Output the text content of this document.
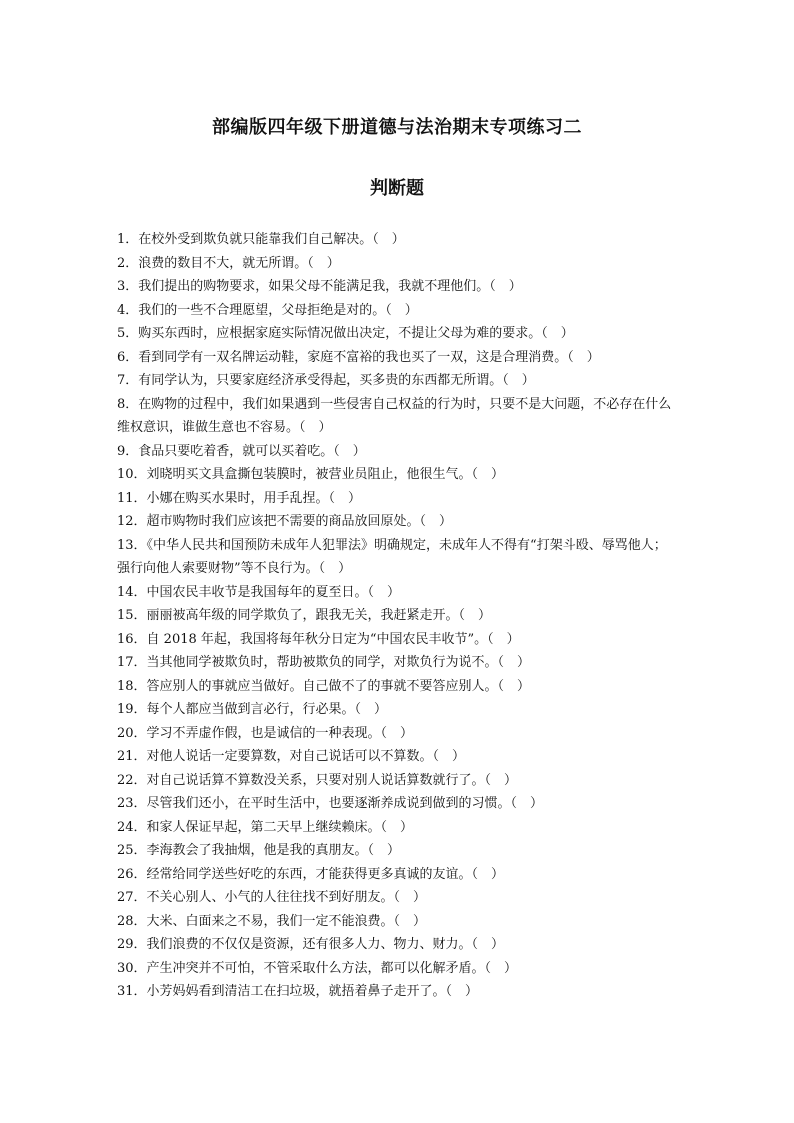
部编版四年级下册道德与法治期末专项练习二
判断题
1．在校外受到欺负就只能靠我们自己解决。（　）
2．浪费的数目不大，就无所谓。（　）
3．我们提出的购物要求，如果父母不能满足我，我就不理他们。（　）
4．我们的一些不合理愿望，父母拒绝是对的。（　）
5．购买东西时，应根据家庭实际情况做出决定，不提让父母为难的要求。（　）
6．看到同学有一双名牌运动鞋，家庭不富裕的我也买了一双，这是合理消费。（　）
7．有同学认为，只要家庭经济承受得起，买多贵的东西都无所谓。（　）
8．在购物的过程中，我们如果遇到一些侵害自己权益的行为时，只要不是大问题，不必存在什么维权意识，谁做生意也不容易。（　）
9．食品只要吃着香，就可以买着吃。（　）
10．刘晓明买文具盒撕包装膜时，被营业员阻止，他很生气。（　）
11．小娜在购买水果时，用手乱捏。（　）
12．超市购物时我们应该把不需要的商品放回原处。（　）
13．《中华人民共和国预防未成年人犯罪法》明确规定，未成年人不得有“打架斗殴、辱骂他人；强行向他人索要财物”等不良行为。（　）
14．中国农民丰收节是我国每年的夏至日。（　）
15．丽丽被高年级的同学欺负了，跟我无关，我赶紧走开。（　）
16．自 2018 年起，我国将每年秋分日定为“中国农民丰收节”。（　）
17．当其他同学被欺负时，帮助被欺负的同学，对欺负行为说不。（　）
18．答应别人的事就应当做好。自己做不了的事就不要答应别人。（　）
19．每个人都应当做到言必行，行必果。（　）
20．学习不弄虚作假，也是诚信的一种表现。（　）
21．对他人说话一定要算数，对自己说话可以不算数。（　）
22．对自己说话算不算数没关系，只要对别人说话算数就行了。（　）
23．尽管我们还小，在平时生活中，也要逐渐养成说到做到的习惯。（　）
24．和家人保证早起，第二天早上继续赖床。（　）
25．李海教会了我抽烟，他是我的真朋友。（　）
26．经常给同学送些好吃的东西，才能获得更多真诚的友谊。（　）
27．不关心别人、小气的人往往找不到好朋友。（　）
28．大米、白面来之不易，我们一定不能浪费。（　）
29．我们浪费的不仅仅是资源，还有很多人力、物力、财力。（　）
30．产生冲突并不可怕，不管采取什么方法，都可以化解矛盾。（　）
31．小芳妈妈看到清洁工在扫垃圾，就捂着鼻子走开了。（　）
